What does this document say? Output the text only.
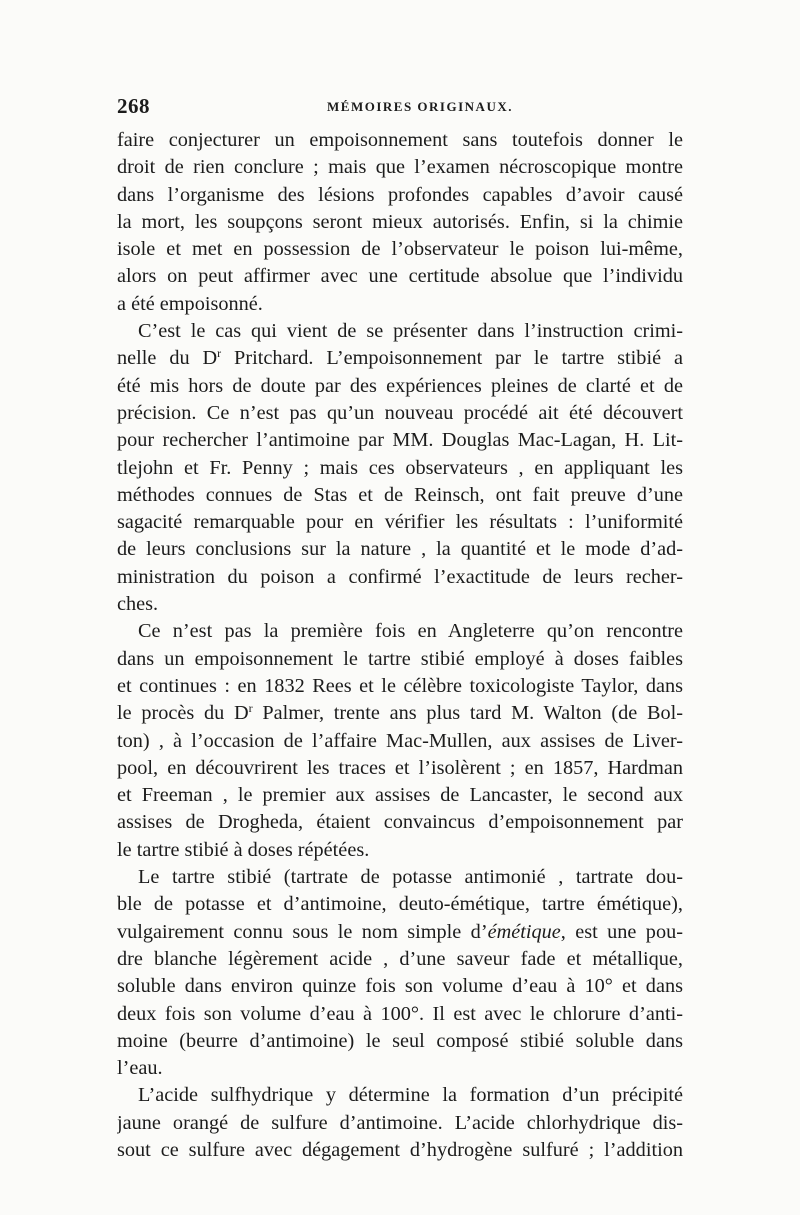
268	MÉMOIRES ORIGINAUX.
faire conjecturer un empoisonnement sans toutefois donner le
droit de rien conclure ; mais que l’examen nécroscopique montre
dans l’organisme des lésions profondes capables d’avoir causé
la mort, les soupçons seront mieux autorisés. Enfin, si la chimie
isole et met en possession de l’observateur le poison lui-même,
alors on peut affirmer avec une certitude absolue que l’individu
a été empoisonné.
C’est le cas qui vient de se présenter dans l’instruction crimi-
nelle du $D^r$ Pritchard. L’empoisonnement par le tartre stibié a
été mis hors de doute par des expériences pleines de clarté et de
précision. Ce n’est pas qu’un nouveau procédé ait été découvert
pour rechercher l’antimoine par MM. Douglas Mac-Lagan, H. Lit-
tlejohn et Fr. Penny ; mais ces observateurs , en appliquant les
méthodes connues de Stas et de Reinsch, ont fait preuve d’une
sagacité remarquable pour en vérifier les résultats : l’uniformité
de leurs conclusions sur la nature , la quantité et le mode d’ad-
ministration du poison a confirmé l’exactitude de leurs recher-
ches.
Ce n’est pas la première fois en Angleterre qu’on rencontre
dans un empoisonnement le tartre stibié employé à doses faibles
et continues : en 1832 Rees et le célèbre toxicologiste Taylor, dans
le procès du $D^r$ Palmer, trente ans plus tard M. Walton (de Bol-
ton) , à l’occasion de l’affaire Mac-Mullen, aux assises de Liver-
pool, en découvrirent les traces et l’isolèrent ; en 1857, Hardman
et Freeman , le premier aux assises de Lancaster, le second aux
assises de Drogheda, étaient convaincus d’empoisonnement par
le tartre stibié à doses répétées.
Le tartre stibié (tartrate de potasse antimonié , tartrate dou-
ble de potasse et d’antimoine, deuto-émétique, tartre émétique),
vulgairement connu sous le nom simple d’émétique, est une pou-
dre blanche légèrement acide , d’une saveur fade et métallique,
soluble dans environ quinze fois son volume d’eau à 10° et dans
deux fois son volume d’eau à 100°. Il est avec le chlorure d’anti-
moine (beurre d’antimoine) le seul composé stibié soluble dans
l’eau.
L’acide sulfhydrique y détermine la formation d’un précipité
jaune orangé de sulfure d’antimoine. L’acide chlorhydrique dis-
sout ce sulfure avec dégagement d’hydrogène sulfuré ; l’addition
